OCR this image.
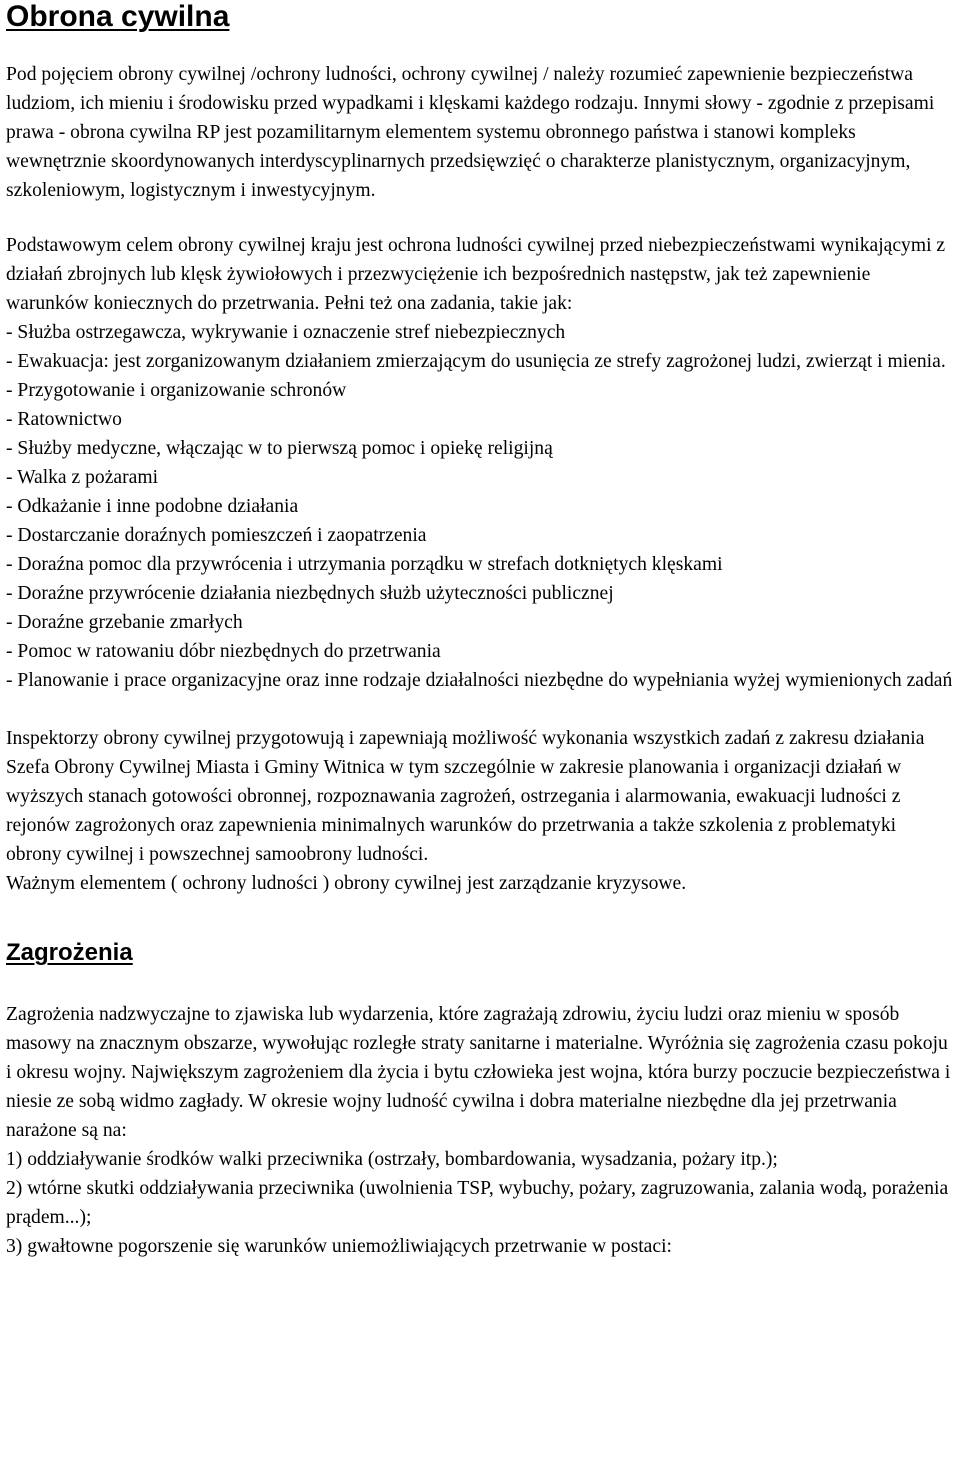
Obrona cywilna

Pod pojęciem obrony cywilnej /ochrony ludności, ochrony cywilnej / należy rozumieć zapewnienie bezpieczeństwa ludziom, ich mieniu i środowisku przed wypadkami i klęskami każdego rodzaju. Innymi słowy - zgodnie z przepisami prawa - obrona cywilna RP jest pozamilitarnym elementem systemu obronnego państwa i stanowi kompleks wewnętrznie skoordynowanych interdyscyplinarnych przedsięwzięć o charakterze planistycznym, organizacyjnym, szkoleniowym, logistycznym i inwestycyjnym.

Podstawowym celem obrony cywilnej kraju jest ochrona ludności cywilnej przed niebezpieczeństwami wynikającymi z działań zbrojnych lub klęsk żywiołowych i przezwyciężenie ich bezpośrednich następstw, jak też zapewnienie warunków koniecznych do przetrwania. Pełni też ona zadania, takie jak:

- Służba ostrzegawcza, wykrywanie i oznaczenie stref niebezpiecznych
- Ewakuacja: jest zorganizowanym działaniem zmierzającym do usunięcia ze strefy zagrożonej ludzi, zwierząt i mienia.
- Przygotowanie i organizowanie schronów
- Ratownictwo
- Służby medyczne, włączając w to pierwszą pomoc i opiekę religijną
- Walka z pożarami
- Odkażanie i inne podobne działania
- Dostarczanie doraźnych pomieszczeń i zaopatrzenia
- Doraźna pomoc dla przywrócenia i utrzymania porządku w strefach dotkniętych klęskami
- Doraźne przywrócenie działania niezbędnych służb użyteczności publicznej
- Doraźne grzebanie zmarłych
- Pomoc w ratowaniu dóbr niezbędnych do przetrwania
- Planowanie i prace organizacyjne oraz inne rodzaje działalności niezbędne do wypełniania wyżej wymienionych zadań

Inspektorzy obrony cywilnej przygotowują i zapewniają możliwość wykonania wszystkich zadań z zakresu działania Szefa Obrony Cywilnej Miasta i Gminy Witnica w tym szczególnie w zakresie planowania i organizacji działań w wyższych stanach gotowości obronnej, rozpoznawania zagrożeń, ostrzegania i alarmowania, ewakuacji ludności z rejonów zagrożonych oraz zapewnienia minimalnych warunków do przetrwania a także szkolenia z problematyki obrony cywilnej i powszechnej samoobrony ludności.

Ważnym elementem ( ochrony ludności ) obrony cywilnej jest zarządzanie kryzysowe.

Zagrożenia

Zagrożenia nadzwyczajne to zjawiska lub wydarzenia, które zagrażają zdrowiu, życiu ludzi oraz mieniu w sposób masowy na znacznym obszarze, wywołując rozległe straty sanitarne i materialne. Wyróżnia się zagrożenia czasu pokoju i okresu wojny. Największym zagrożeniem dla życia i bytu człowieka jest wojna, która burzy poczucie bezpieczeństwa i niesie ze sobą widmo zagłady. W okresie wojny ludność cywilna i dobra materialne niezbędne dla jej przetrwania narażone są na:

1) oddziaływanie środków walki przeciwnika (ostrzały, bombardowania, wysadzania, pożary itp.);
2) wtórne skutki oddziaływania przeciwnika (uwolnienia TSP, wybuchy, pożary, zagruzowania, zalania wodą, porażenia prądem...);
3) gwałtowne pogorszenie się warunków uniemożliwiających przetrwanie w postaci:
